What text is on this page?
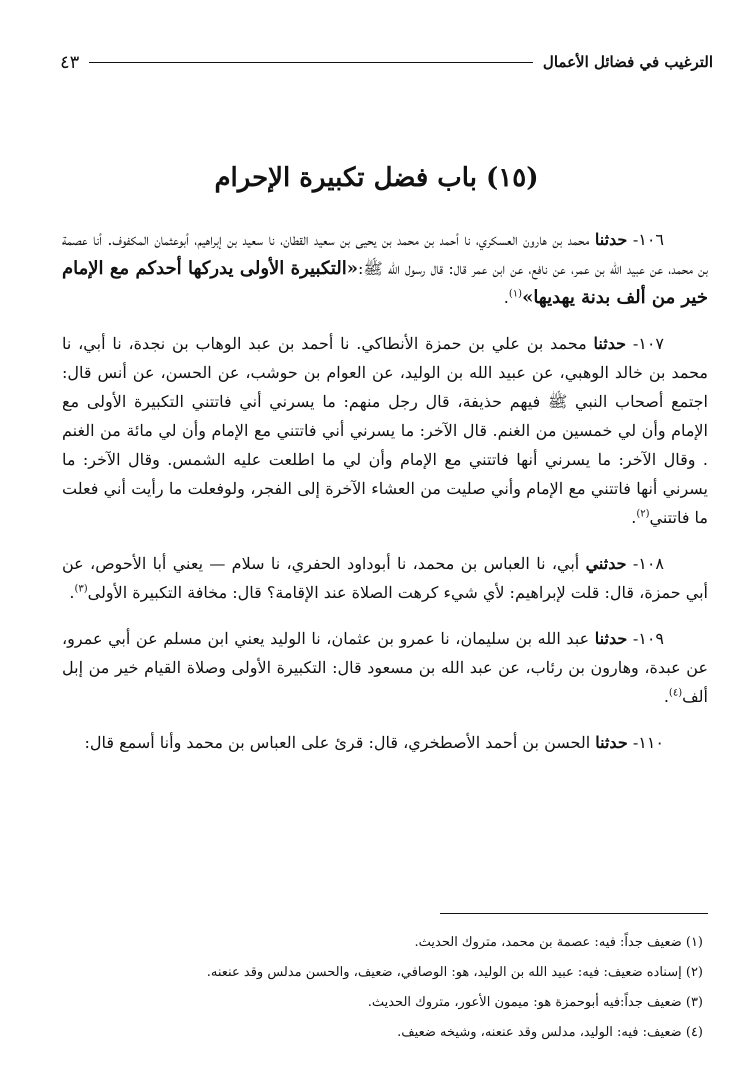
الترغيب في فضائل الأعمال
٤٣
(١٥) باب فضل تكبيرة الإحرام

١٠٦- حدثنا محمد بن هارون العسكري، نا أحمد بن محمد بن يحيى بن سعيد القطان، نا سعيد بن إبراهيم، أبوعثمان المكفوف. أنا عصمة بن محمد، عن عبيد الله بن عمر، عن نافع، عن ابن عمر قال: قال رسول الله ﷺ:«التكبيرة الأولى يدركها أحدكم مع الإمام خير من ألف بدنة يهديها»$^{(١)}$.

١٠٧- حدثنا محمد بن علي بن حمزة الأنطاكي. نا أحمد بن عبد الوهاب بن نجدة، نا أبي، نا محمد بن خالد الوهبي، عن عبيد الله بن الوليد، عن العوام بن حوشب، عن الحسن، عن أنس قال: اجتمع أصحاب النبي ﷺ فيهم حذيفة، قال رجل منهم: ما يسرني أني فاتتني التكبيرة الأولى مع الإمام وأن لي خمسين من الغنم. قال الآخر: ما يسرني أني فاتتني مع الإمام وأن لي مائة من الغنم . وقال الآخر: ما يسرني أنها فاتتني مع الإمام وأن لي ما اطلعت عليه الشمس. وقال الآخر: ما يسرني أنها فاتتني مع الإمام وأني صليت من العشاء الآخرة إلى الفجر، ولوفعلت ما رأيت أني فعلت ما فاتتني$^{(٢)}$.

١٠٨- حدثني أبي، نا العباس بن محمد، نا أبوداود الحفري، نا سلام — يعني أبا الأحوص، عن أبي حمزة، قال: قلت لإبراهيم: لأي شيء كرهت الصلاة عند الإقامة؟ قال: مخافة التكبيرة الأولى$^{(٣)}$.

١٠٩- حدثنا عبد الله بن سليمان، نا عمرو بن عثمان، نا الوليد يعني ابن مسلم عن أبي عمرو، عن عبدة، وهارون بن رئاب، عن عبد الله بن مسعود قال: التكبيرة الأولى وصلاة القيام خير من إبل ألف$^{(٤)}$.

١١٠- حدثنا الحسن بن أحمد الأصطخري، قال: قرئ على العباس بن محمد وأنا أسمع قال:

(١) ضعيف جداً: فيه: عصمة بن محمد، متروك الحديث.

(٢) إسناده ضعيف: فيه: عبيد الله بن الوليد، هو: الوصافي، ضعيف، والحسن مدلس وقد عنعنه.

(٣) ضعيف جداً:فيه أبوحمزة هو: ميمون الأعور، متروك الحديث.

(٤) ضعيف: فيه: الوليد، مدلس وقد عنعنه، وشيخه ضعيف.
